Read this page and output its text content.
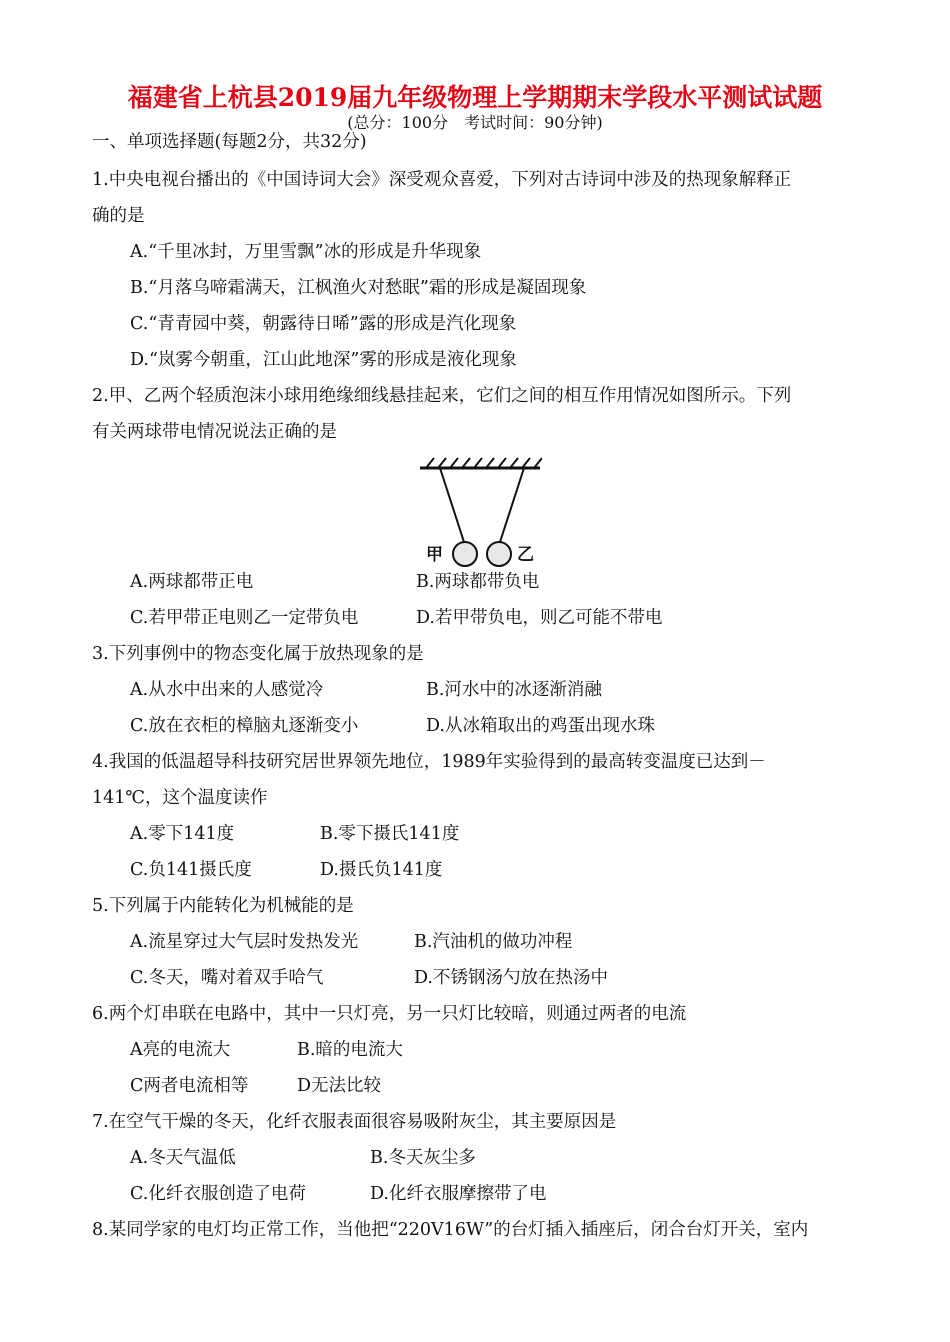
福建省上杭县2019届九年级物理上学期期末学段水平测试试题
(总分：100分　考试时间：90分钟)
一、单项选择题(每题2分，共32分)
1.中央电视台播出的《中国诗词大会》深受观众喜爱，下列对古诗词中涉及的热现象解释正
确的是
A.“千里冰封，万里雪飘”冰的形成是升华现象
B.“月落乌啼霜满天，江枫渔火对愁眠”霜的形成是凝固现象
C.“青青园中葵，朝露待日晞”露的形成是汽化现象
D.“岚雾今朝重，江山此地深”雾的形成是液化现象
2.甲、乙两个轻质泡沫小球用绝缘细线悬挂起来，它们之间的相互作用情况如图所示。下列
有关两球带电情况说法正确的是
甲	乙
A.两球都带正电	B.两球都带负电
C.若甲带正电则乙一定带负电	D.若甲带负电，则乙可能不带电
3.下列事例中的物态变化属于放热现象的是
A.从水中出来的人感觉冷	B.河水中的冰逐渐消融
C.放在衣柜的樟脑丸逐渐变小	D.从冰箱取出的鸡蛋出现水珠
4.我国的低温超导科技研究居世界领先地位，1989年实验得到的最高转变温度已达到－
141℃，这个温度读作
A.零下141度	B.零下摄氏141度
C.负141摄氏度	D.摄氏负141度
5.下列属于内能转化为机械能的是
A.流星穿过大气层时发热发光	B.汽油机的做功冲程
C.冬天，嘴对着双手哈气	D.不锈钢汤勺放在热汤中
6.两个灯串联在电路中，其中一只灯亮，另一只灯比较暗，则通过两者的电流
A亮的电流大	B.暗的电流大
C两者电流相等	D无法比较
7.在空气干燥的冬天，化纤衣服表面很容易吸附灰尘，其主要原因是
A.冬天气温低	B.冬天灰尘多
C.化纤衣服创造了电荷	D.化纤衣服摩擦带了电
8.某同学家的电灯均正常工作，当他把“220V16W”的台灯插入插座后，闭合台灯开关，室内
